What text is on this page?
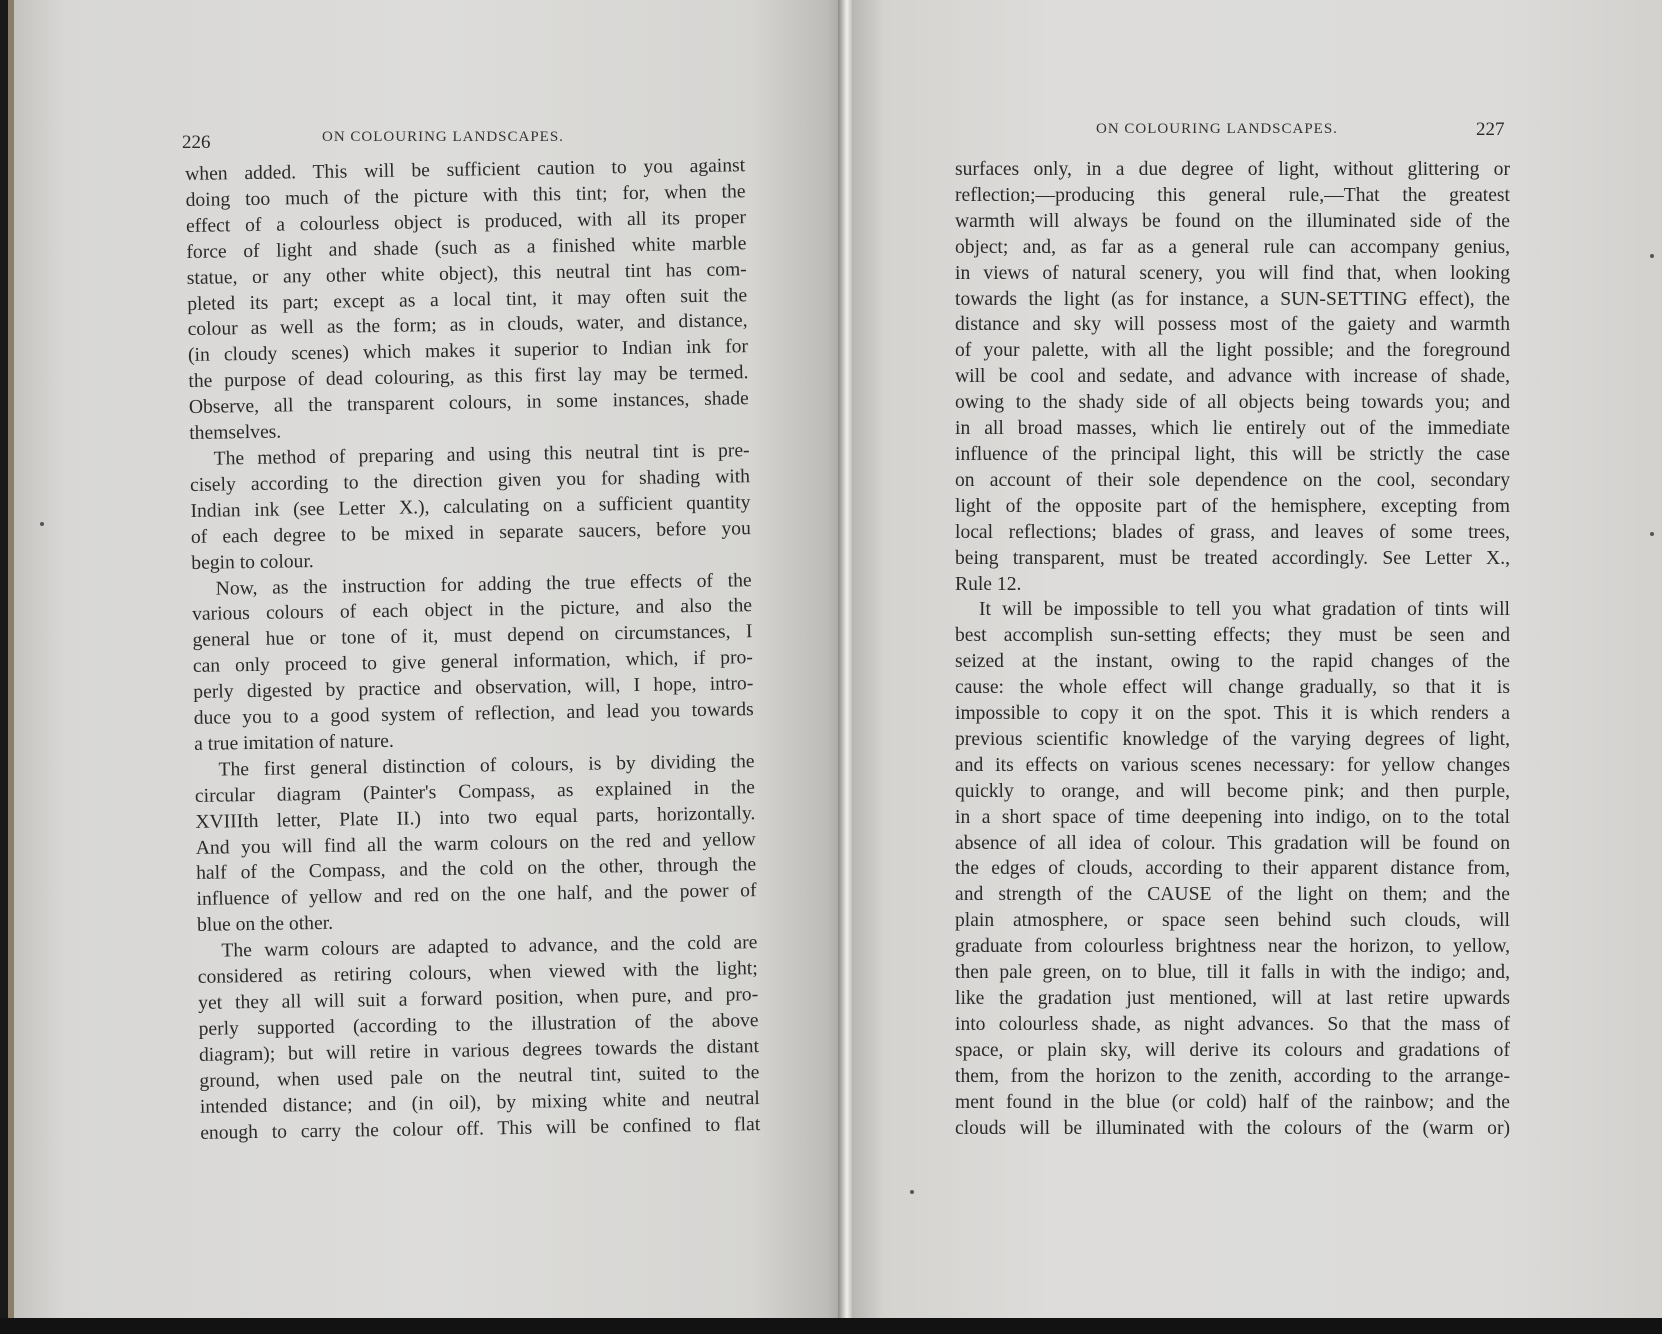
226	ON COLOURING LANDSCAPES.	ON COLOURING LANDSCAPES.	227
when added. This will be sufficient caution to you against
doing too much of the picture with this tint; for, when the
effect of a colourless object is produced, with all its proper
force of light and shade (such as a finished white marble
statue, or any other white object), this neutral tint has com-
pleted its part; except as a local tint, it may often suit the
colour as well as the form; as in clouds, water, and distance,
(in cloudy scenes) which makes it superior to Indian ink for
the purpose of dead colouring, as this first lay may be termed.
Observe, all the transparent colours, in some instances, shade
themselves.
The method of preparing and using this neutral tint is pre-
cisely according to the direction given you for shading with
Indian ink (see Letter X.), calculating on a sufficient quantity
of each degree to be mixed in separate saucers, before you
begin to colour.
Now, as the instruction for adding the true effects of the
various colours of each object in the picture, and also the
general hue or tone of it, must depend on circumstances, I
can only proceed to give general information, which, if pro-
perly digested by practice and observation, will, I hope, intro-
duce you to a good system of reflection, and lead you towards
a true imitation of nature.
The first general distinction of colours, is by dividing the
circular diagram (Painter's Compass, as explained in the
XVIIIth letter, Plate II.) into two equal parts, horizontally.
And you will find all the warm colours on the red and yellow
half of the Compass, and the cold on the other, through the
influence of yellow and red on the one half, and the power of
blue on the other.
The warm colours are adapted to advance, and the cold are
considered as retiring colours, when viewed with the light;
yet they all will suit a forward position, when pure, and pro-
perly supported (according to the illustration of the above
diagram); but will retire in various degrees towards the distant
ground, when used pale on the neutral tint, suited to the
intended distance; and (in oil), by mixing white and neutral
enough to carry the colour off. This will be confined to flat
surfaces only, in a due degree of light, without glittering or
reflection;—producing this general rule,—That the greatest
warmth will always be found on the illuminated side of the
object; and, as far as a general rule can accompany genius,
in views of natural scenery, you will find that, when looking
towards the light (as for instance, a SUN-SETTING effect), the
distance and sky will possess most of the gaiety and warmth
of your palette, with all the light possible; and the foreground
will be cool and sedate, and advance with increase of shade,
owing to the shady side of all objects being towards you; and
in all broad masses, which lie entirely out of the immediate
influence of the principal light, this will be strictly the case
on account of their sole dependence on the cool, secondary
light of the opposite part of the hemisphere, excepting from
local reflections; blades of grass, and leaves of some trees,
being transparent, must be treated accordingly. See Letter X.,
Rule 12.
It will be impossible to tell you what gradation of tints will
best accomplish sun-setting effects; they must be seen and
seized at the instant, owing to the rapid changes of the
cause: the whole effect will change gradually, so that it is
impossible to copy it on the spot. This it is which renders a
previous scientific knowledge of the varying degrees of light,
and its effects on various scenes necessary: for yellow changes
quickly to orange, and will become pink; and then purple,
in a short space of time deepening into indigo, on to the total
absence of all idea of colour. This gradation will be found on
the edges of clouds, according to their apparent distance from,
and strength of the CAUSE of the light on them; and the
plain atmosphere, or space seen behind such clouds, will
graduate from colourless brightness near the horizon, to yellow,
then pale green, on to blue, till it falls in with the indigo; and,
like the gradation just mentioned, will at last retire upwards
into colourless shade, as night advances. So that the mass of
space, or plain sky, will derive its colours and gradations of
them, from the horizon to the zenith, according to the arrange-
ment found in the blue (or cold) half of the rainbow; and the
clouds will be illuminated with the colours of the (warm or)
